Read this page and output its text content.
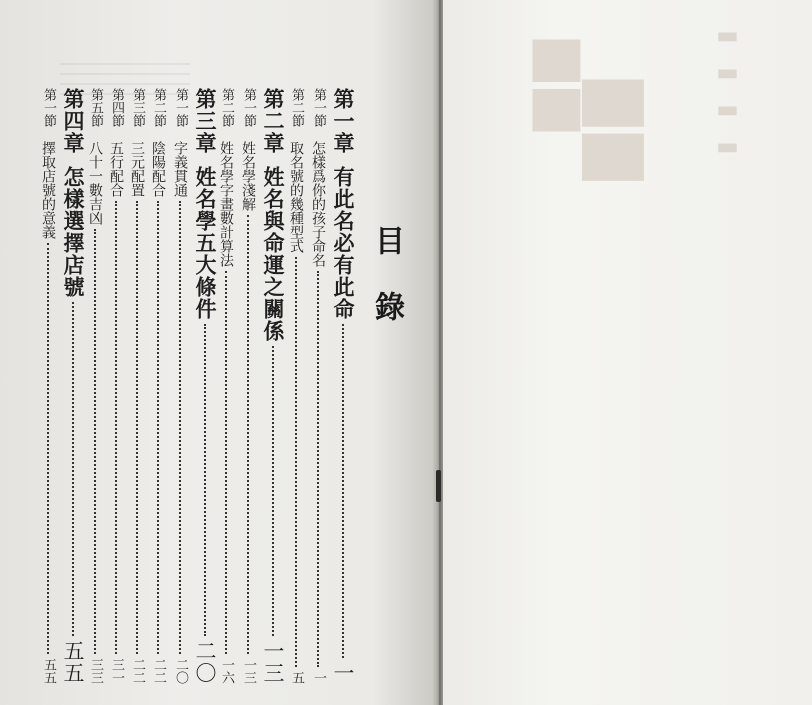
目錄
第一章有此名必有此命
一
第一節怎樣爲你的孩子命名
一
第二節取名號的幾種型式
五
第二章姓名與命運之關係
一三
第一節姓名學淺解
一三
第二節姓名學字畫數計算法
一六
第三章姓名學五大條件
二〇
第一節字義貫通
二〇
第二節陰陽配合
二二
第三節三元配置
二二
第四節五行配合
三一
第五節八十一數吉凶
三三
第四章怎樣選擇店號
五五
第一節擇取店號的意義
五五
▬▬▬▬
▇▇
▆▆
